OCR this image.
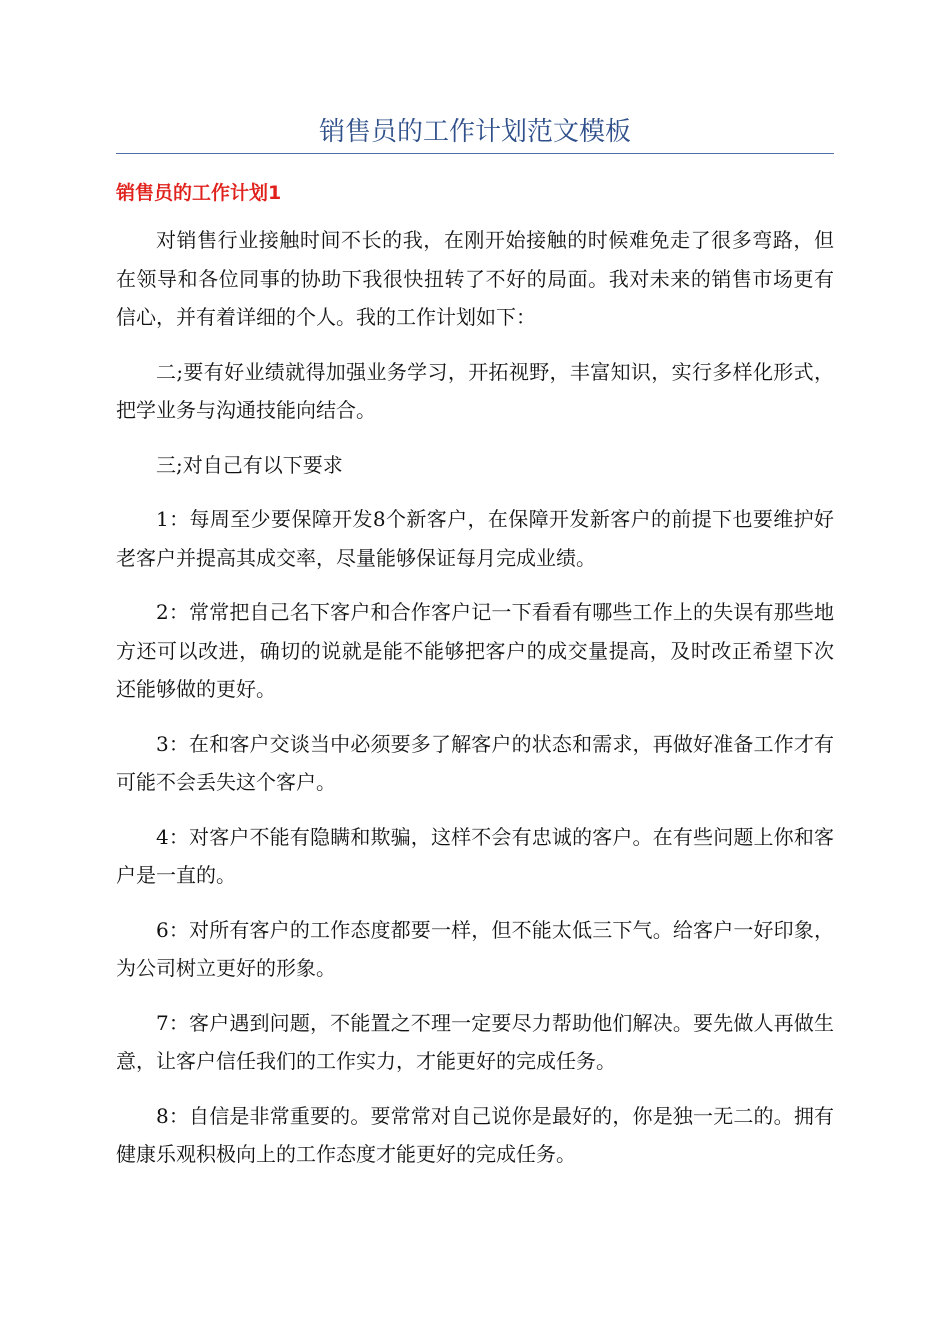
销售员的工作计划范文模板
销售员的工作计划1

对销售行业接触时间不长的我，在刚开始接触的时候难免走了很多弯路，但在领导和各位同事的协助下我很快扭转了不好的局面。我对未来的销售市场更有信心，并有着详细的个人。我的工作计划如下：

二;要有好业绩就得加强业务学习，开拓视野，丰富知识，实行多样化形式，把学业务与沟通技能向结合。

三;对自己有以下要求

1：每周至少要保障开发8个新客户，在保障开发新客户的前提下也要维护好老客户并提高其成交率，尽量能够保证每月完成业绩。

2：常常把自己名下客户和合作客户记一下看看有哪些工作上的失误有那些地方还可以改进，确切的说就是能不能够把客户的成交量提高，及时改正希望下次还能够做的更好。

3：在和客户交谈当中必须要多了解客户的状态和需求，再做好准备工作才有可能不会丢失这个客户。

4：对客户不能有隐瞒和欺骗，这样不会有忠诚的客户。在有些问题上你和客户是一直的。

6：对所有客户的工作态度都要一样，但不能太低三下气。给客户一好印象，为公司树立更好的形象。

7：客户遇到问题，不能置之不理一定要尽力帮助他们解决。要先做人再做生意，让客户信任我们的工作实力，才能更好的完成任务。

8：自信是非常重要的。要常常对自己说你是最好的，你是独一无二的。拥有健康乐观积极向上的工作态度才能更好的完成任务。
